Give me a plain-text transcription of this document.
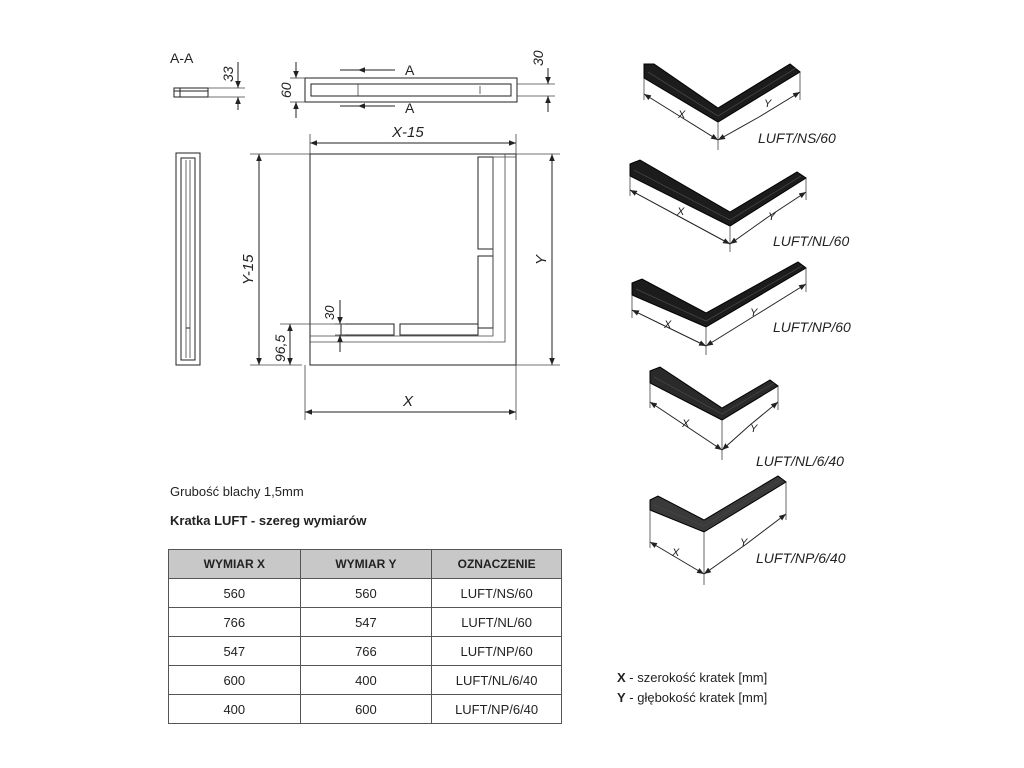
A-A
33	A
A
60
30
X-15
Y-15	Y
X
96,5
30
X
Y
LUFT/NS/60
X	Y
LUFT/NL/60
X
Y
LUFT/NP/60
X	Y
LUFT/NL/6/40
X
Y
LUFT/NP/6/40
Grubość blachy 1,5mm
Kratka LUFT - szereg wymiarów
WYMIAR X	WYMIAR Y	OZNACZENIE
560	560	LUFT/NS/60
766	547	LUFT/NL/60
547	766	LUFT/NP/60
600	400	LUFT/NL/6/40
400	600	LUFT/NP/6/40
X - szerokość kratek [mm]
Y - głębokość kratek [mm]
